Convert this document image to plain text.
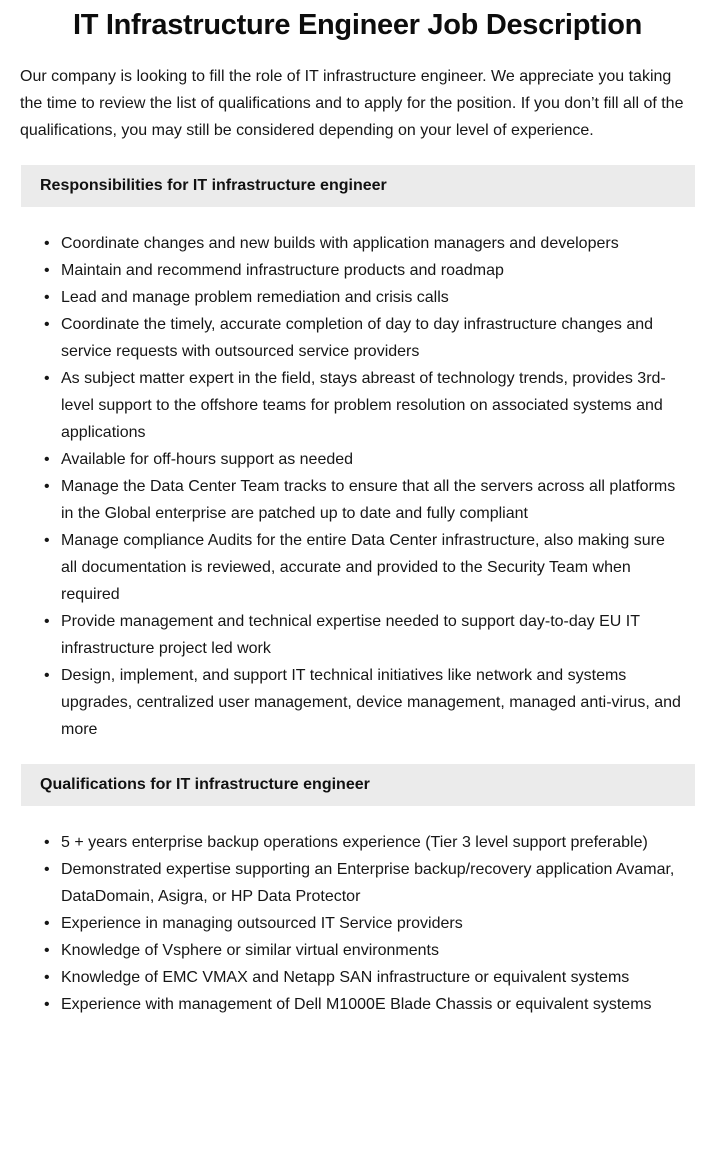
IT Infrastructure Engineer Job Description

Our company is looking to fill the role of IT infrastructure engineer. We appreciate you taking the time to review the list of qualifications and to apply for the position. If you don’t fill all of the qualifications, you may still be considered depending on your level of experience.

Responsibilities for IT infrastructure engineer
• Coordinate changes and new builds with application managers and developers
• Maintain and recommend infrastructure products and roadmap
• Lead and manage problem remediation and crisis calls
• Coordinate the timely, accurate completion of day to day infrastructure changes and service requests with outsourced service providers
• As subject matter expert in the field, stays abreast of technology trends, provides 3rd-level support to the offshore teams for problem resolution on associated systems and applications
• Available for off-hours support as needed
• Manage the Data Center Team tracks to ensure that all the servers across all platforms in the Global enterprise are patched up to date and fully compliant
• Manage compliance Audits for the entire Data Center infrastructure, also making sure all documentation is reviewed, accurate and provided to the Security Team when required
• Provide management and technical expertise needed to support day-to-day EU IT infrastructure project led work
• Design, implement, and support IT technical initiatives like network and systems upgrades, centralized user management, device management, managed anti-virus, and more
Qualifications for IT infrastructure engineer
• 5 + years enterprise backup operations experience (Tier 3 level support preferable)
• Demonstrated expertise supporting an Enterprise backup/recovery application Avamar, DataDomain, Asigra, or HP Data Protector
• Experience in managing outsourced IT Service providers
• Knowledge of Vsphere or similar virtual environments
• Knowledge of EMC VMAX and Netapp SAN infrastructure or equivalent systems
• Experience with management of Dell M1000E Blade Chassis or equivalent systems
